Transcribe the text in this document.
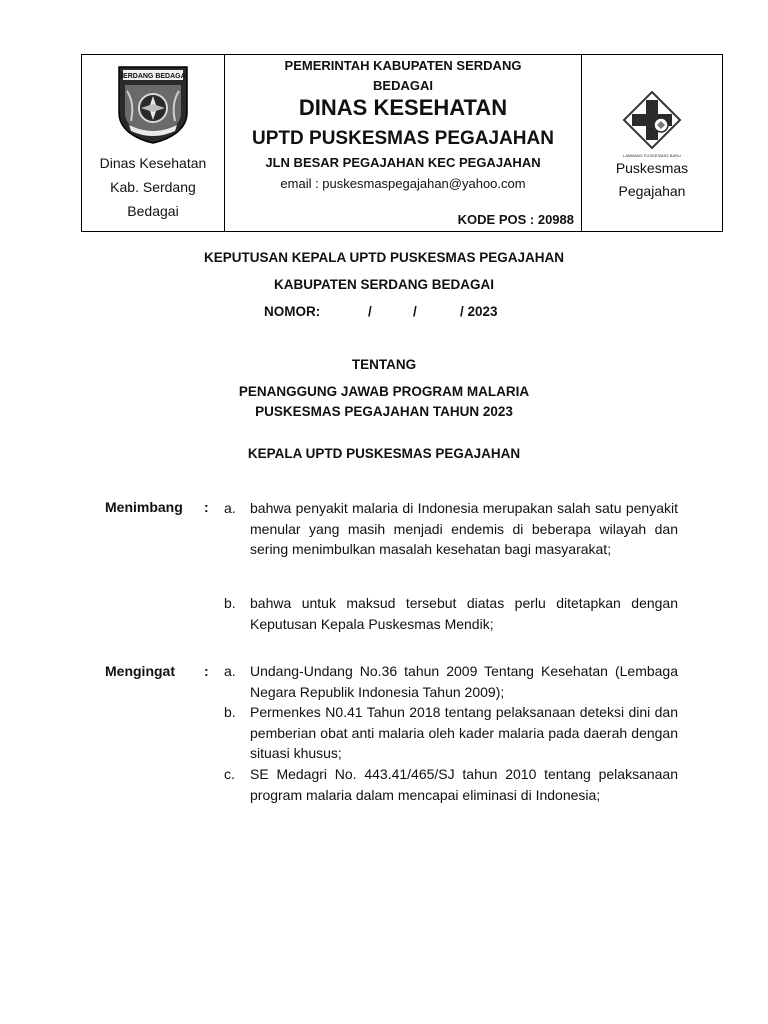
SERDANG BEDAGAI
Dinas Kesehatan
Kab. Serdang
Bedagai
PEMERINTAH KABUPATEN SERDANG
BEDAGAI
DINAS KESEHATAN
UPTD PUSKESMAS PEGAJAHAN
JLN BESAR PEGAJAHAN KEC PEGAJAHAN
email : puskesmaspegajahan@yahoo.com
KODE POS : 20988
LAMBANG PUSKESMAS BARU
Puskesmas
Pegajahan
KEPUTUSAN KEPALA UPTD PUSKESMAS PEGAJAHAN
KABUPATEN SERDANG BEDAGAI
NOMOR:	/	/	/ 2023
TENTANG
PENANGGUNG JAWAB PROGRAM MALARIA
PUSKESMAS PEGAJAHAN TAHUN 2023
KEPALA UPTD PUSKESMAS PEGAJAHAN
Menimbang : a. bahwa penyakit malaria di Indonesia merupakan salah satu penyakit menular yang masih menjadi endemis di beberapa wilayah dan sering menimbulkan masalah kesehatan bagi masyarakat;
b. bahwa untuk maksud tersebut diatas perlu ditetapkan dengan Keputusan Kepala Puskesmas Mendik;
Mengingat : a. Undang-Undang No.36 tahun 2009 Tentang Kesehatan (Lembaga Negara Republik Indonesia Tahun 2009);
b. Permenkes N0.41 Tahun 2018 tentang pelaksanaan deteksi dini dan pemberian obat anti malaria oleh kader malaria pada daerah dengan situasi khusus;
c. SE Medagri No. 443.41/465/SJ tahun 2010 tentang pelaksanaan program malaria dalam mencapai eliminasi di Indonesia;
